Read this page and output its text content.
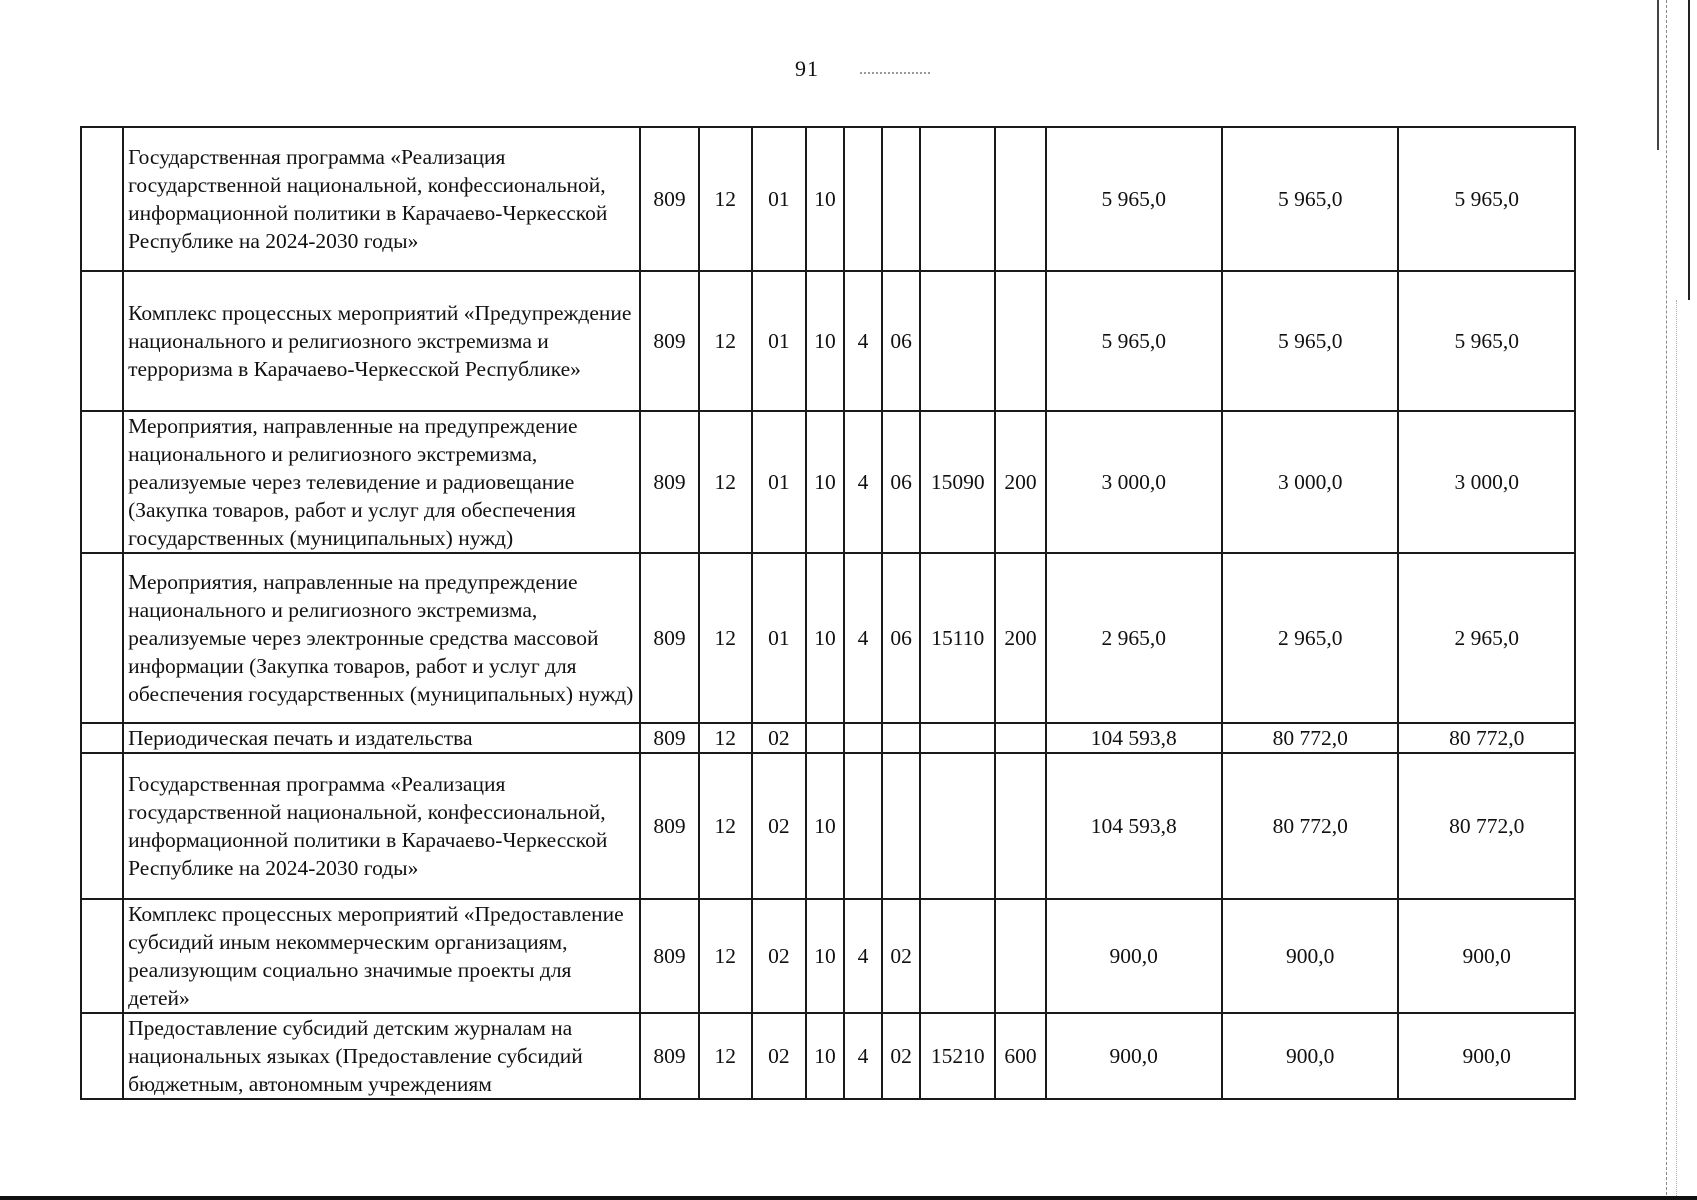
91
	Государственная программа «Реализация государственной национальной, конфессиональной, информационной политики в Карачаево-Черкесской Республике на 2024-2030 годы»	809	12	01	10					5 965,0	5 965,0	5 965,0
	Комплекс процессных мероприятий «Предупреждение национального и религиозного экстремизма и терроризма в Карачаево-Черкесской Республике»	809	12	01	10	4	06			5 965,0	5 965,0	5 965,0
	Мероприятия, направленные на предупреждение национального и религиозного экстремизма, реализуемые через телевидение и радиовещание (Закупка товаров, работ и услуг для обеспечения государственных (муниципальных) нужд)	809	12	01	10	4	06	15090	200	3 000,0	3 000,0	3 000,0
	Мероприятия, направленные на предупреждение национального и религиозного экстремизма, реализуемые через электронные средства массовой информации (Закупка товаров, работ и услуг для обеспечения государственных (муниципальных) нужд)	809	12	01	10	4	06	15110	200	2 965,0	2 965,0	2 965,0
	Периодическая печать и издательства	809	12	02						104 593,8	80 772,0	80 772,0
	Государственная программа «Реализация государственной национальной, конфессиональной, информационной политики в Карачаево-Черкесской Республике на 2024-2030 годы»	809	12	02	10					104 593,8	80 772,0	80 772,0
	Комплекс процессных мероприятий «Предоставление субсидий иным некоммерческим организациям, реализующим социально значимые проекты для детей»	809	12	02	10	4	02			900,0	900,0	900,0
	Предоставление субсидий детским журналам на национальных языках (Предоставление субсидий бюджетным, автономным учреждениям	809	12	02	10	4	02	15210	600	900,0	900,0	900,0
